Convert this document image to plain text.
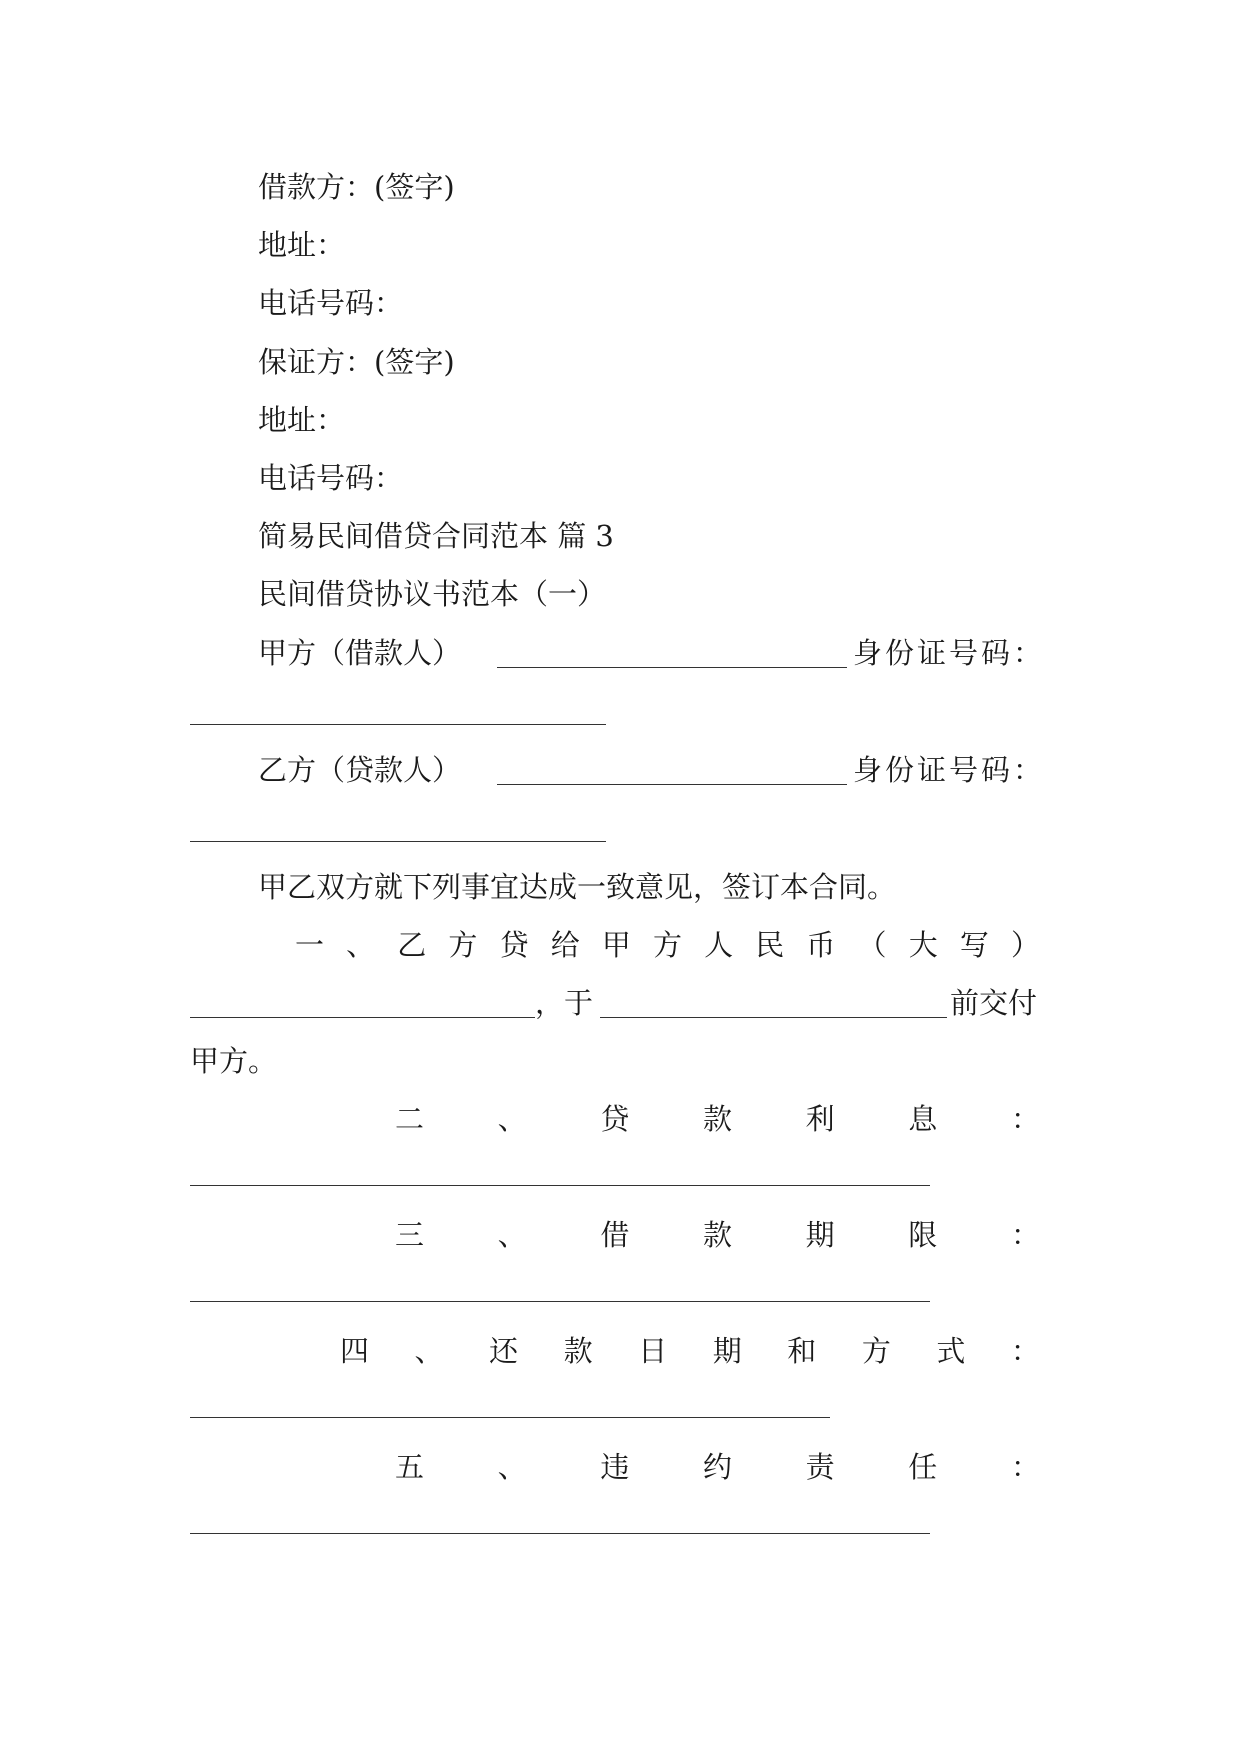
借款方：(签字)
地址：
电话号码：
保证方：(签字)
地址：
电话号码：
简易民间借贷合同范本 篇 3
民间借贷协议书范本（一）
甲方（借款人）	身份证号码：
乙方（贷款人）	身份证号码：
甲乙双方就下列事宜达成一致意见，签订本合同。
一 、 乙 方 贷 给 甲 方 人 民 币 （ 大 写 ）
，于	前交付
甲方。
二	、	贷	款	利	息	：
三	、	借	款	期	限	：
四 、 还 款 日 期 和 方 式 ：
五	、	违	约	责	任	：
